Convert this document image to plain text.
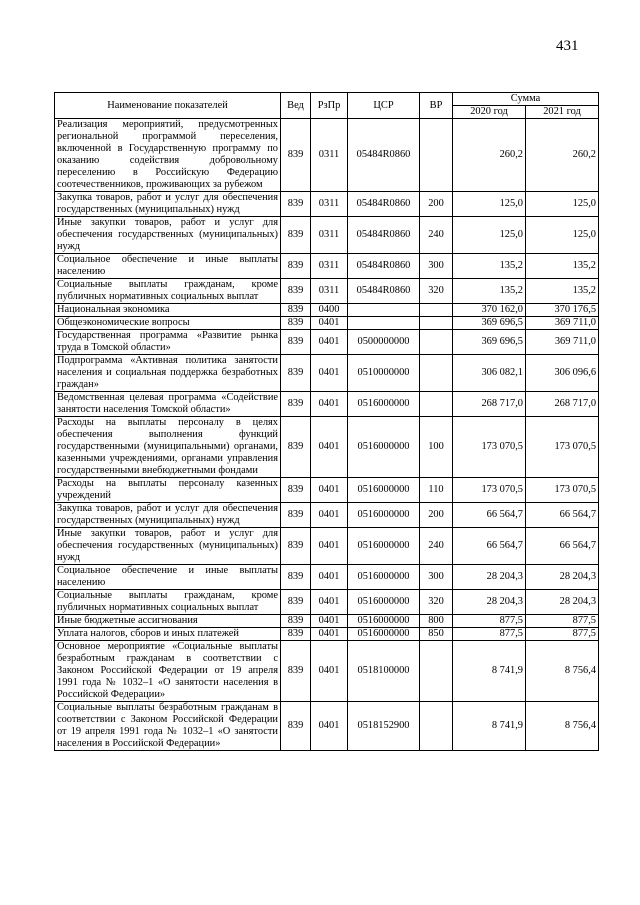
431
Наименование показателей	Вед	РзПр	ЦСР	ВР	Сумма	
					2020 год	2021 год
Реализация мероприятий, предусмотренных региональной программой переселения, включенной в Государственную программу по оказанию содействия добровольному переселению в Российскую Федерацию соотечественников, проживающих за рубежом	839	0311	05484R0860		260,2	260,2
Закупка товаров, работ и услуг для обеспечения государственных (муниципальных) нужд	839	0311	05484R0860	200	125,0	125,0
Иные закупки товаров, работ и услуг для обеспечения государственных (муниципальных) нужд	839	0311	05484R0860	240	125,0	125,0
Социальное обеспечение и иные выплаты населению	839	0311	05484R0860	300	135,2	135,2
Социальные выплаты гражданам, кроме публичных нормативных социальных выплат	839	0311	05484R0860	320	135,2	135,2
Национальная экономика	839	0400			370 162,0	370 176,5
Общеэкономические вопросы	839	0401			369 696,5	369 711,0
Государственная программа «Развитие рынка труда в Томской области»	839	0401	0500000000		369 696,5	369 711,0
Подпрограмма «Активная политика занятости населения и социальная поддержка безработных граждан»	839	0401	0510000000		306 082,1	306 096,6
Ведомственная целевая программа «Содействие занятости населения Томской области»	839	0401	0516000000		268 717,0	268 717,0
Расходы на выплаты персоналу в целях обеспечения выполнения функций государственными (муниципальными) органами, казенными учреждениями, органами управления государственными внебюджетными фондами	839	0401	0516000000	100	173 070,5	173 070,5
Расходы на выплаты персоналу казенных учреждений	839	0401	0516000000	110	173 070,5	173 070,5
Закупка товаров, работ и услуг для обеспечения государственных (муниципальных) нужд	839	0401	0516000000	200	66 564,7	66 564,7
Иные закупки товаров, работ и услуг для обеспечения государственных (муниципальных) нужд	839	0401	0516000000	240	66 564,7	66 564,7
Социальное обеспечение и иные выплаты населению	839	0401	0516000000	300	28 204,3	28 204,3
Социальные выплаты гражданам, кроме публичных нормативных социальных выплат	839	0401	0516000000	320	28 204,3	28 204,3
Иные бюджетные ассигнования	839	0401	0516000000	800	877,5	877,5
Уплата налогов, сборов и иных платежей	839	0401	0516000000	850	877,5	877,5
Основное мероприятие «Социальные выплаты безработным гражданам в соответствии с Законом Российской Федерации от 19 апреля 1991 года № 1032–1 «О занятости населения в Российской Федерации»	839	0401	0518100000		8 741,9	8 756,4
Социальные выплаты безработным гражданам в соответствии с Законом Российской Федерации от 19 апреля 1991 года № 1032–1 «О занятости населения в Российской Федерации»	839	0401	0518152900		8 741,9	8 756,4
